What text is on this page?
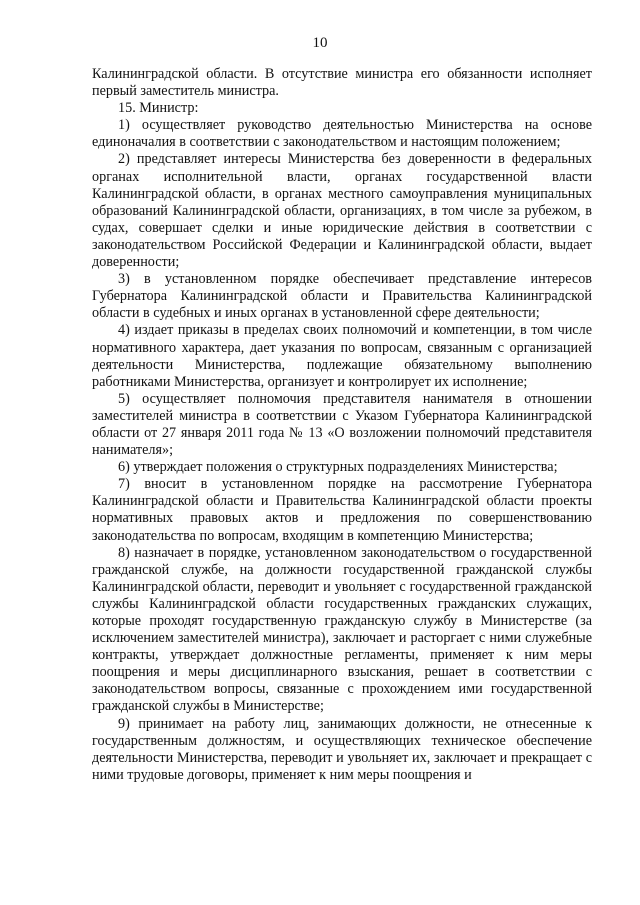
10

Калининградской области. В отсутствие министра его обязанности исполняет первый заместитель министра.

15. Министр:

1) осуществляет руководство деятельностью Министерства на основе единоначалия в соответствии с законодательством и настоящим положением;

2) представляет интересы Министерства без доверенности в федеральных органах исполнительной власти, органах государственной власти Калининградской области, в органах местного самоуправления муниципальных образований Калининградской области, организациях, в том числе за рубежом, в судах, совершает сделки и иные юридические действия в соответствии с законодательством Российской Федерации и Калининградской области, выдает доверенности;

3) в установленном порядке обеспечивает представление интересов Губернатора Калининградской области и Правительства Калининградской области в судебных и иных органах в установленной сфере деятельности;

4) издает приказы в пределах своих полномочий и компетенции, в том числе нормативного характера, дает указания по вопросам, связанным с организацией деятельности Министерства, подлежащие обязательному выполнению работниками Министерства, организует и контролирует их исполнение;

5) осуществляет полномочия представителя нанимателя в отношении заместителей министра в соответствии с Указом Губернатора Калининградской области от 27 января 2011 года № 13 «О возложении полномочий представителя нанимателя»;

6) утверждает положения о структурных подразделениях Министерства;

7) вносит в установленном порядке на рассмотрение Губернатора Калининградской области и Правительства Калининградской области проекты нормативных правовых актов и предложения по совершенствованию законодательства по вопросам, входящим в компетенцию Министерства;

8) назначает в порядке, установленном законодательством о государственной гражданской службе, на должности государственной гражданской службы Калининградской области, переводит и увольняет с государственной гражданской службы Калининградской области государственных гражданских служащих, которые проходят государственную гражданскую службу в Министерстве (за исключением заместителей министра), заключает и расторгает с ними служебные контракты, утверждает должностные регламенты, применяет к ним меры поощрения и меры дисциплинарного взыскания, решает в соответствии с законодательством вопросы, связанные с прохождением ими государственной гражданской службы в Министерстве;

9) принимает на работу лиц, занимающих должности, не отнесенные к государственным должностям, и осуществляющих техническое обеспечение деятельности Министерства, переводит и увольняет их, заключает и прекращает с ними трудовые договоры, применяет к ним меры поощрения и
